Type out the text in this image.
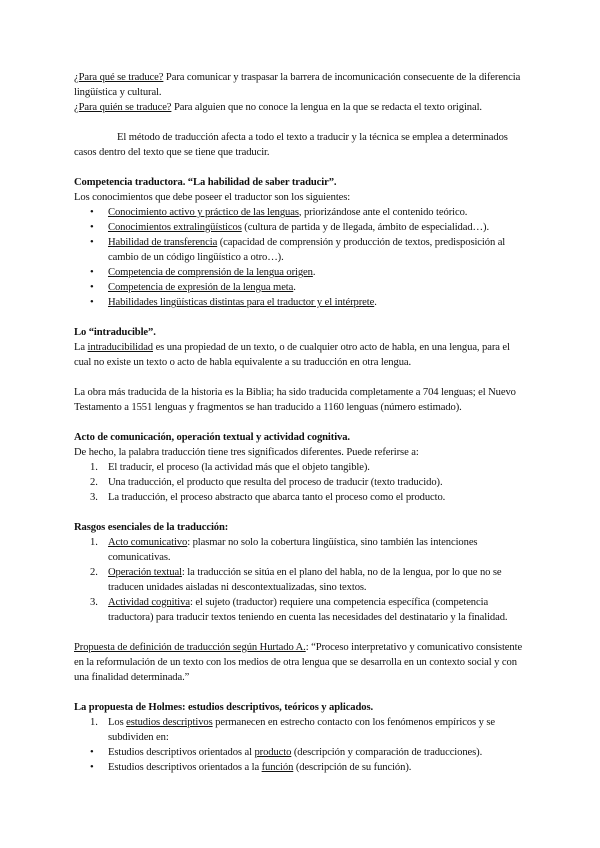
¿Para qué se traduce? Para comunicar y traspasar la barrera de incomunicación consecuente de la diferencia lingüística y cultural.

¿Para quién se traduce? Para alguien que no conoce la lengua en la que se redacta el texto original.

El método de traducción afecta a todo el texto a traducir y la técnica se emplea a determinados casos dentro del texto que se tiene que traducir.

Competencia traductora. “La habilidad de saber traducir”.

Los conocimientos que debe poseer el traductor son los siguientes:

• Conocimiento activo y práctico de las lenguas, priorizándose ante el contenido teórico.
• Conocimientos extralingüísticos (cultura de partida y de llegada, ámbito de especialidad…).
• Habilidad de transferencia (capacidad de comprensión y producción de textos, predisposición al cambio de un código lingüístico a otro…).
• Competencia de comprensión de la lengua origen.
• Competencia de expresión de la lengua meta.
• Habilidades lingüísticas distintas para el traductor y el intérprete.

Lo “intraducible”.

La intraducibilidad es una propiedad de un texto, o de cualquier otro acto de habla, en una lengua, para el cual no existe un texto o acto de habla equivalente a su traducción en otra lengua.

La obra más traducida de la historia es la Biblia; ha sido traducida completamente a 704 lenguas; el Nuevo Testamento a 1551 lenguas y fragmentos se han traducido a 1160 lenguas (número estimado).

Acto de comunicación, operación textual y actividad cognitiva.

De hecho, la palabra traducción tiene tres significados diferentes. Puede referirse a:

1. El traducir, el proceso (la actividad más que el objeto tangible).
2. Una traducción, el producto que resulta del proceso de traducir (texto traducido).
3. La traducción, el proceso abstracto que abarca tanto el proceso como el producto.

Rasgos esenciales de la traducción:

1. Acto comunicativo: plasmar no solo la cobertura lingüística, sino también las intenciones comunicativas.
2. Operación textual: la traducción se sitúa en el plano del habla, no de la lengua, por lo que no se traducen unidades aisladas ni descontextualizadas, sino textos.
3. Actividad cognitiva: el sujeto (traductor) requiere una competencia específica (competencia traductora) para traducir textos teniendo en cuenta las necesidades del destinatario y la finalidad.

Propuesta de definición de traducción según Hurtado A.: “Proceso interpretativo y comunicativo consistente en la reformulación de un texto con los medios de otra lengua que se desarrolla en un contexto social y con una finalidad determinada.”

La propuesta de Holmes: estudios descriptivos, teóricos y aplicados.

1. Los estudios descriptivos permanecen en estrecho contacto con los fenómenos empíricos y se subdividen en:
• Estudios descriptivos orientados al producto (descripción y comparación de traducciones).
• Estudios descriptivos orientados a la función (descripción de su función).
